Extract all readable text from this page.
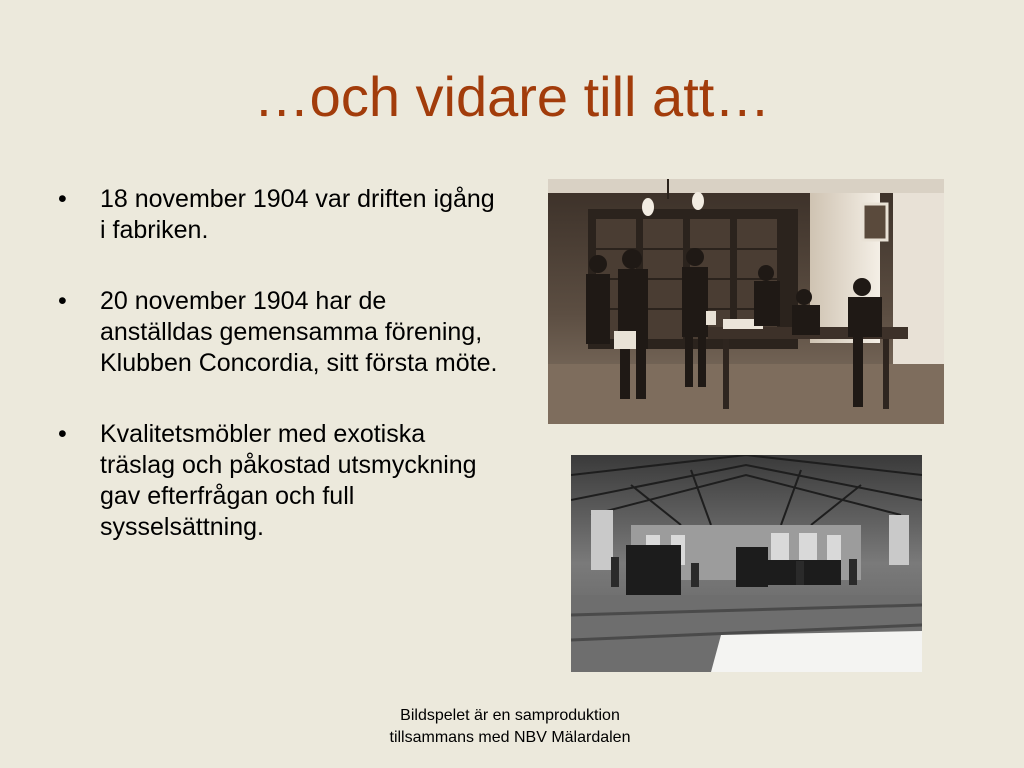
…och vidare till att…
• 18 november 1904 var driften igång i fabriken.
• 20 november 1904 har de anställdas gemensamma förening, Klubben Concordia, sitt första möte.
• Kvalitetsmöbler med exotiska träslag och påkostad utsmyckning gav efterfrågan och full sysselsättning.
Bildspelet är en samproduktion
tillsammans med NBV Mälardalen
